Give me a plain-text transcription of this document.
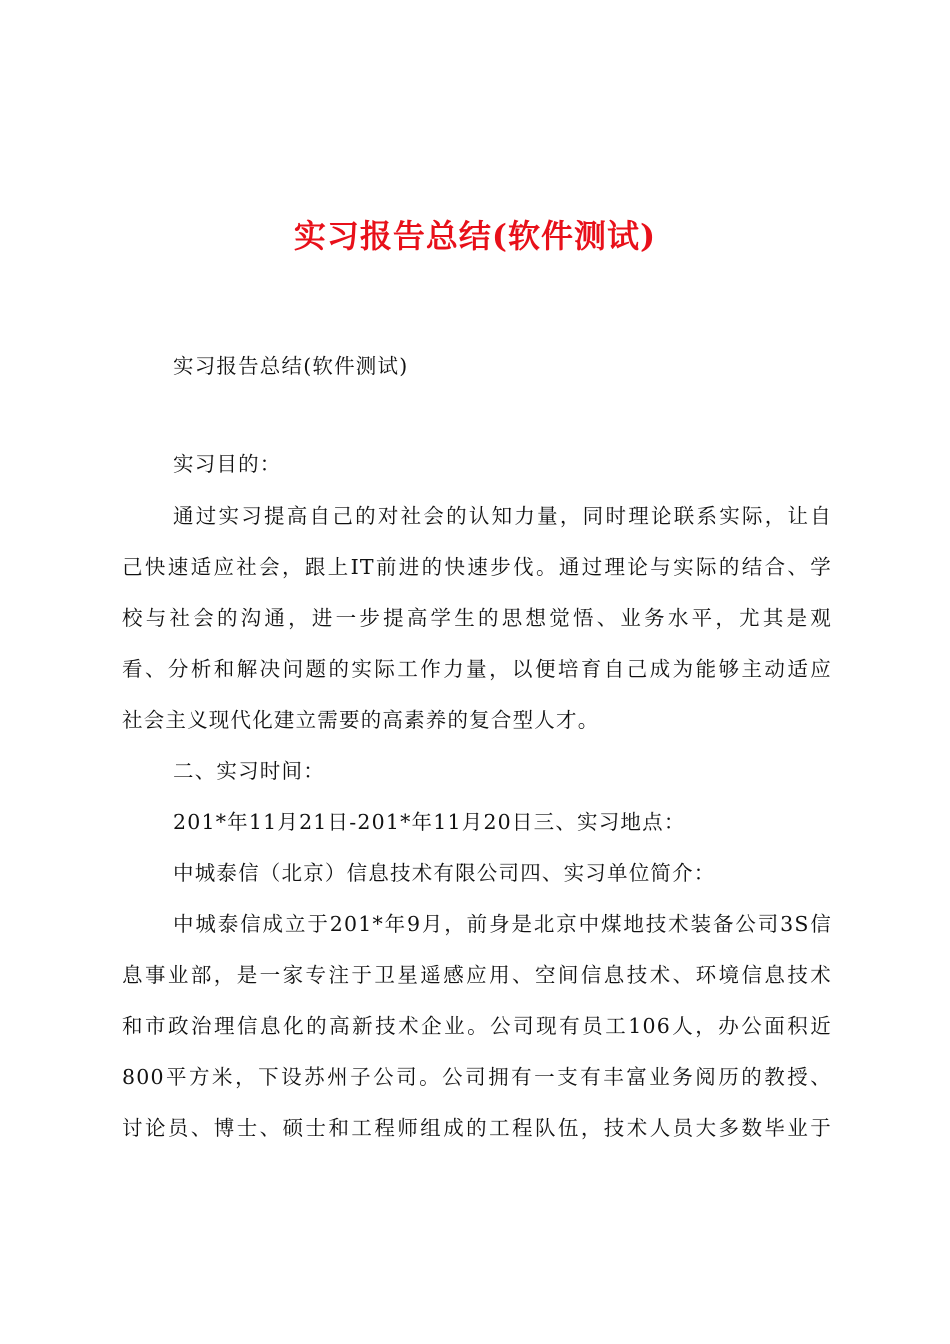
实习报告总结(软件测试)
实习报告总结(软件测试)
实习目的：
通过实习提高自己的对社会的认知力量，同时理论联系实际，让自
己快速适应社会，跟上IT前进的快速步伐。通过理论与实际的结合、学
校与社会的沟通，进一步提高学生的思想觉悟、业务水平，尤其是观
看、分析和解决问题的实际工作力量，以便培育自己成为能够主动适应
社会主义现代化建立需要的高素养的复合型人才。
二、实习时间：
201*年11月21日-201*年11月20日三、实习地点：
中城泰信（北京）信息技术有限公司四、实习单位简介：
中城泰信成立于201*年9月，前身是北京中煤地技术装备公司3S信
息事业部，是一家专注于卫星遥感应用、空间信息技术、环境信息技术
和市政治理信息化的高新技术企业。公司现有员工106人，办公面积近
800平方米，下设苏州子公司。公司拥有一支有丰富业务阅历的教授、
讨论员、博士、硕士和工程师组成的工程队伍，技术人员大多数毕业于
